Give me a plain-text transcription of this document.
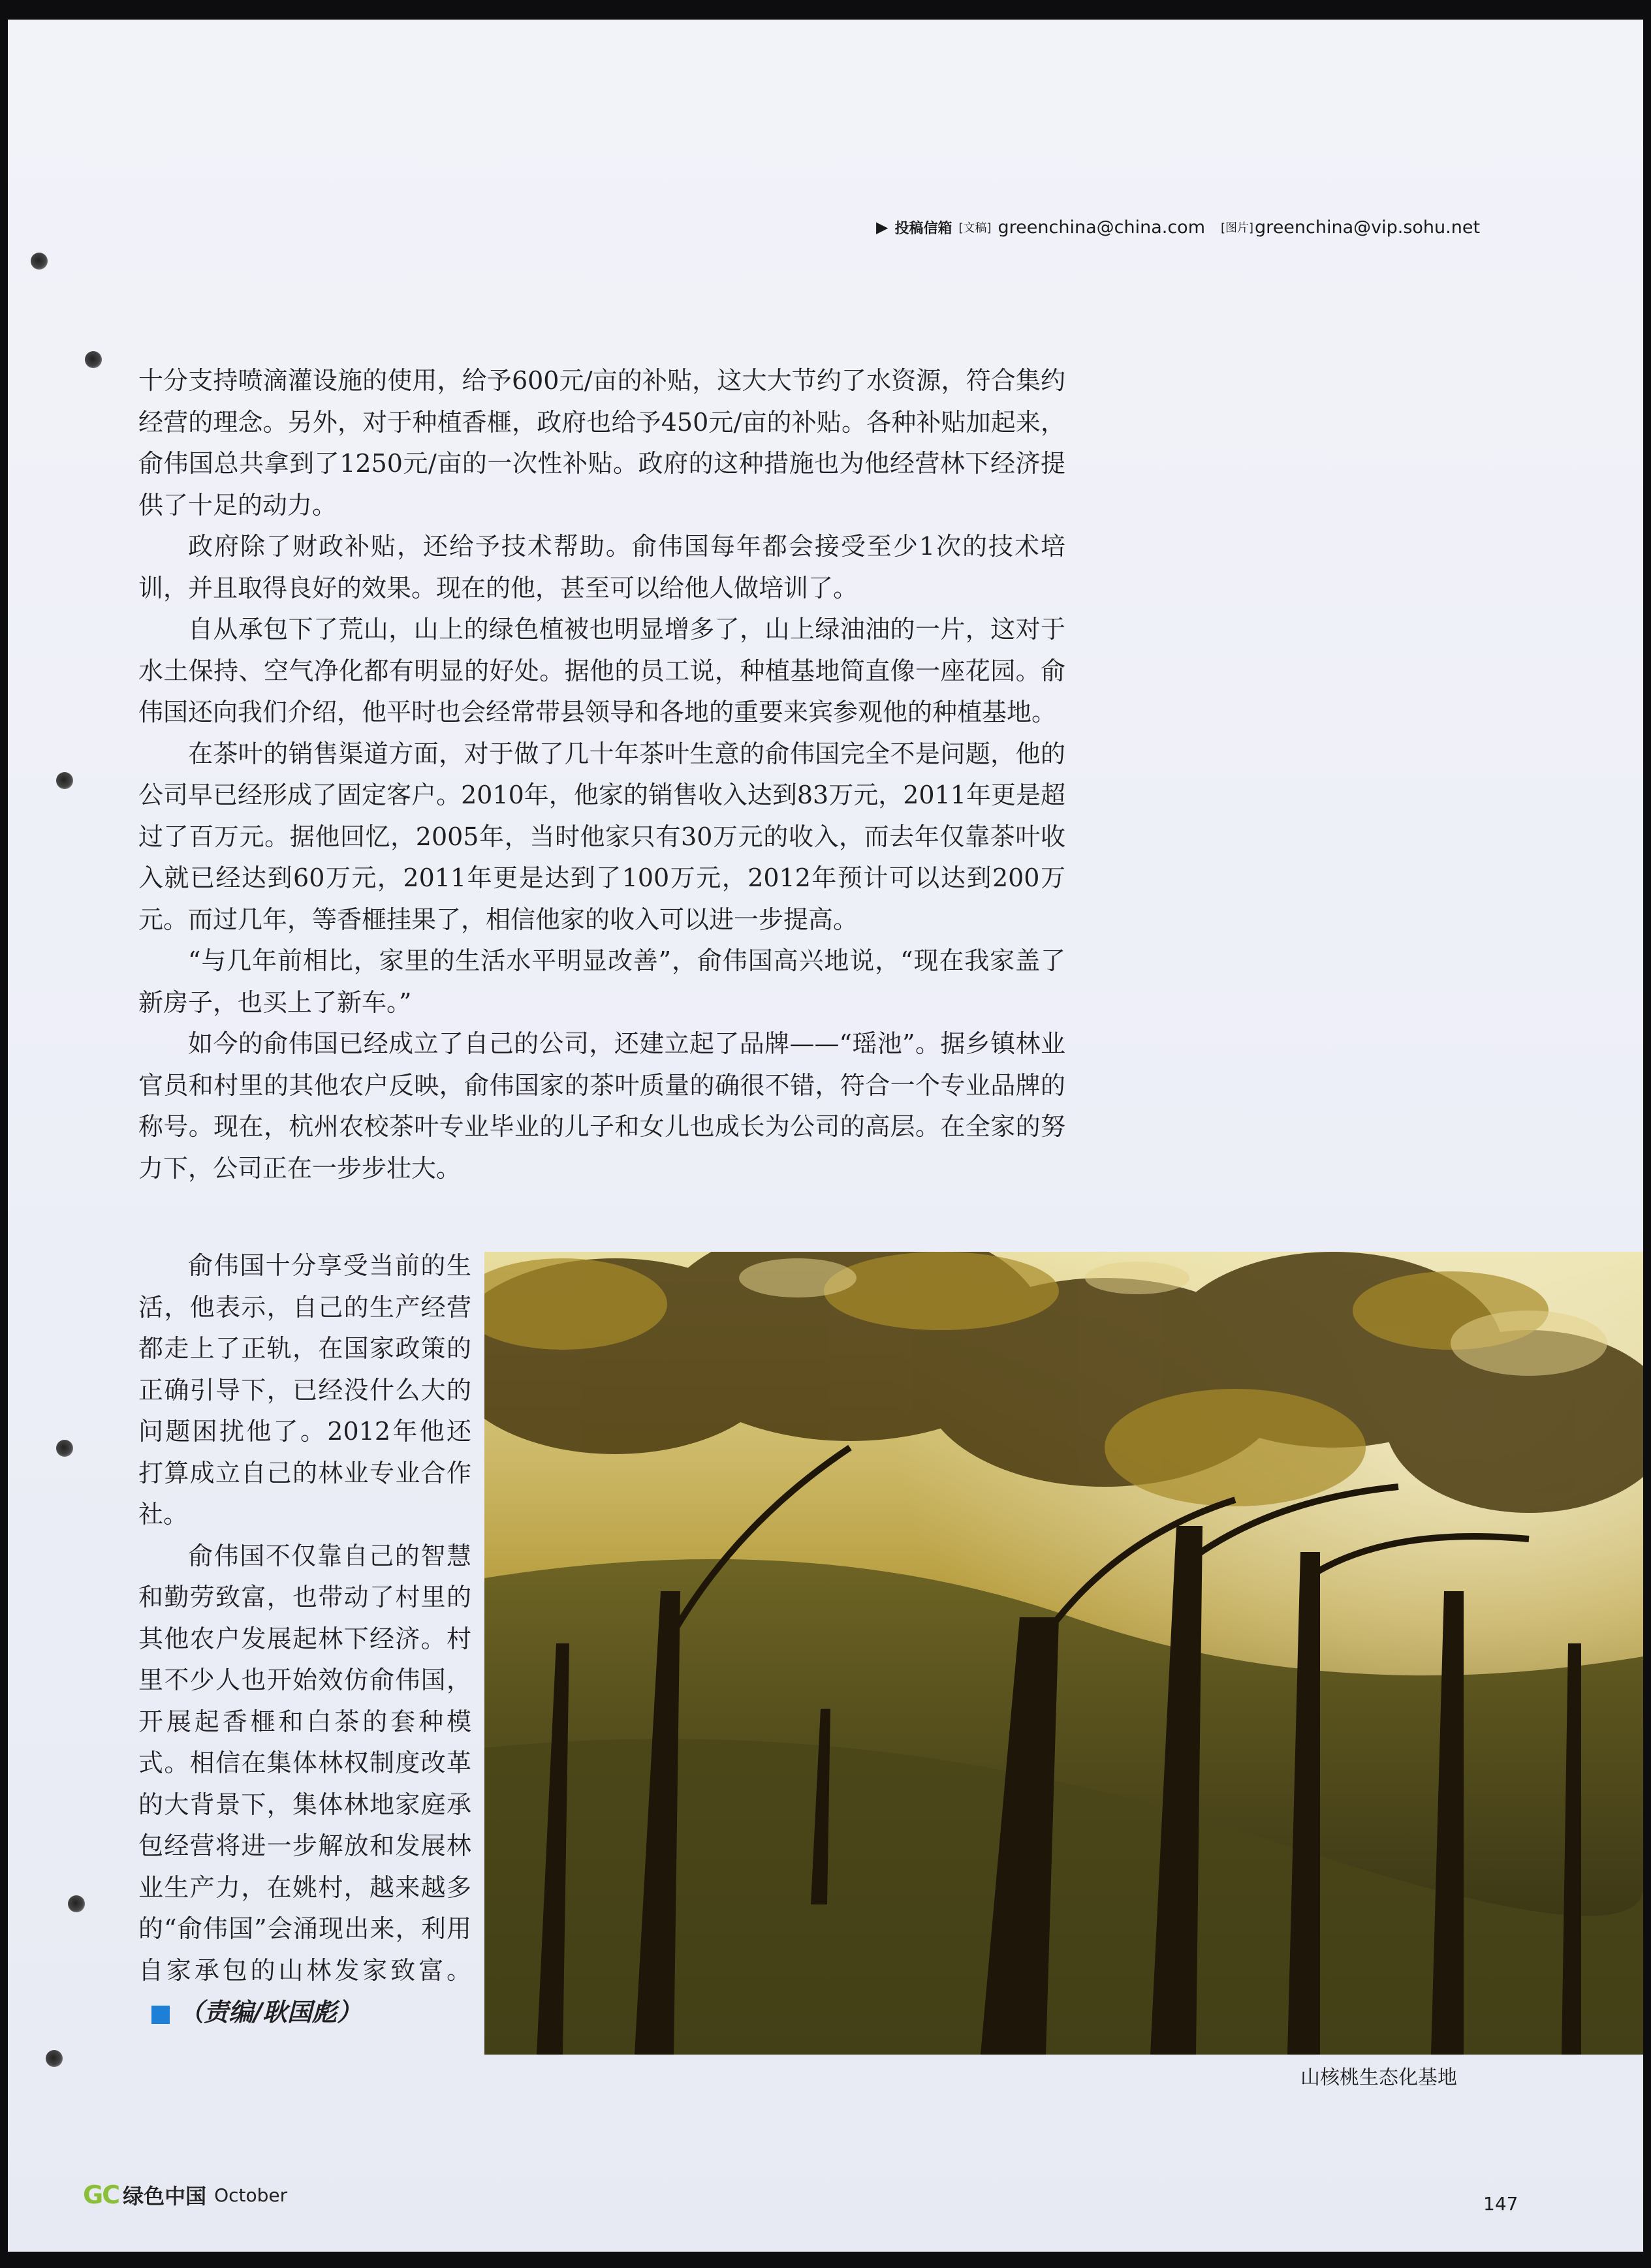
▶ 投稿信箱 [文稿] greenchina@china.com [图片] greenchina@vip.sohu.net

十分支持喷滴灌设施的使用，给予600元/亩的补贴，这大大节约了水资源，符合集约经营的理念。另外，对于种植香榧，政府也给予450元/亩的补贴。各种补贴加起来，俞伟国总共拿到了1250元/亩的一次性补贴。政府的这种措施也为他经营林下经济提供了十足的动力。

政府除了财政补贴，还给予技术帮助。俞伟国每年都会接受至少1次的技术培训，并且取得良好的效果。现在的他，甚至可以给他人做培训了。

自从承包下了荒山，山上的绿色植被也明显增多了，山上绿油油的一片，这对于水土保持、空气净化都有明显的好处。据他的员工说，种植基地简直像一座花园。俞伟国还向我们介绍，他平时也会经常带县领导和各地的重要来宾参观他的种植基地。

在茶叶的销售渠道方面，对于做了几十年茶叶生意的俞伟国完全不是问题，他的公司早已经形成了固定客户。2010年，他家的销售收入达到83万元，2011年更是超过了百万元。据他回忆，2005年，当时他家只有30万元的收入，而去年仅靠茶叶收入就已经达到60万元，2011年更是达到了100万元，2012年预计可以达到200万元。而过几年，等香榧挂果了，相信他家的收入可以进一步提高。

“与几年前相比，家里的生活水平明显改善”，俞伟国高兴地说，“现在我家盖了新房子，也买上了新车。”

如今的俞伟国已经成立了自己的公司，还建立起了品牌——“瑶池”。据乡镇林业官员和村里的其他农户反映，俞伟国家的茶叶质量的确很不错，符合一个专业品牌的称号。现在，杭州农校茶叶专业毕业的儿子和女儿也成长为公司的高层。在全家的努力下，公司正在一步步壮大。

俞伟国十分享受当前的生活，他表示，自己的生产经营都走上了正轨，在国家政策的正确引导下，已经没什么大的问题困扰他了。2012年他还打算成立自己的林业专业合作社。

俞伟国不仅靠自己的智慧和勤劳致富，也带动了村里的其他农户发展起林下经济。村里不少人也开始效仿俞伟国，开展起香榧和白茶的套种模式。相信在集体林权制度改革的大背景下，集体林地家庭承包经营将进一步解放和发展林业生产力，在姚村，越来越多的“俞伟国”会涌现出来，利用自家承包的山林发家致富。（责编/耿国彪）

山核桃生态化基地
GC 绿色中国 October	147
